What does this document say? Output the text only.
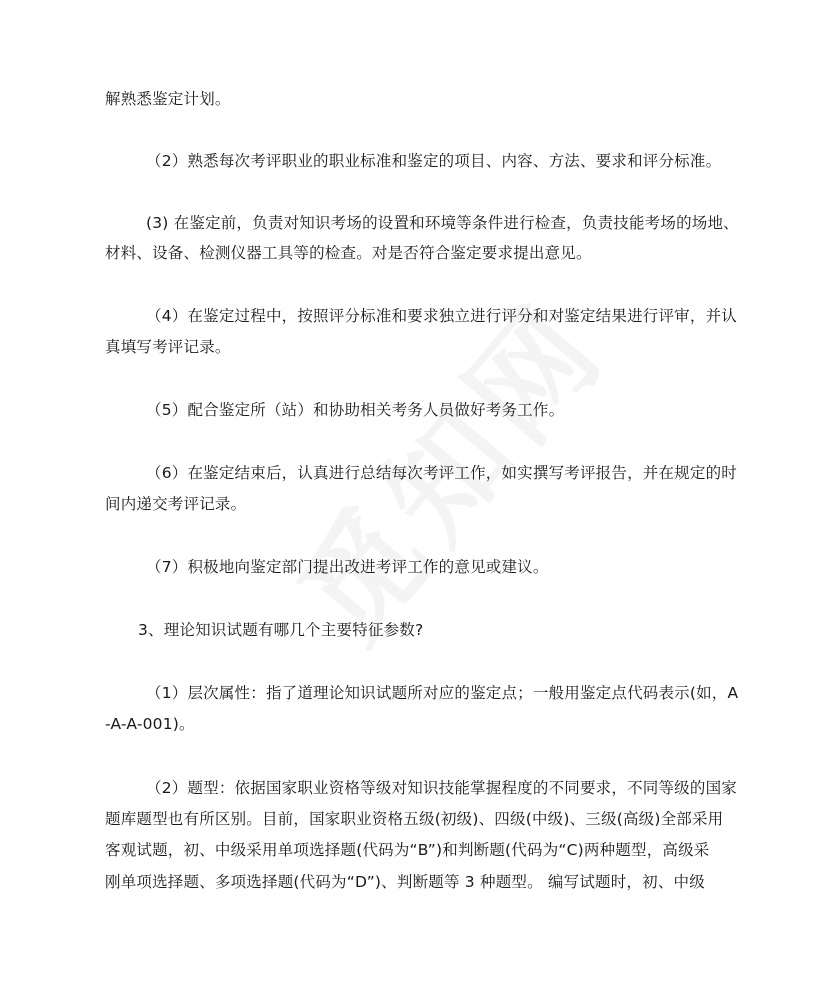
解熟悉鉴定计划。
（2）熟悉每次考评职业的职业标准和鉴定的项目、内容、方法、要求和评分标准。
(3) 在鉴定前，负责对知识考场的设置和环境等条件进行检查，负责技能考场的场地、
材料、设备、检测仪器工具等的检查。对是否符合鉴定要求提出意见。
（4）在鉴定过程中，按照评分标准和要求独立进行评分和对鉴定结果进行评审，并认
真填写考评记录。
（5）配合鉴定所（站）和协助相关考务人员做好考务工作。
（6）在鉴定结束后，认真进行总结每次考评工作，如实撰写考评报告，并在规定的时
间内递交考评记录。
（7）积极地向鉴定部门提出改进考评工作的意见或建议。
3、理论知识试题有哪几个主要特征参数?
（1）层次属性：指了道理论知识试题所对应的鉴定点；一般用鉴定点代码表示(如，A
-A-A-001)。
（2）题型：依据国家职业资格等级对知识技能掌握程度的不同要求，不同等级的国家
题库题型也有所区别。目前，国家职业资格五级(初级)、四级(中级)、三级(高级)全部采用
客观试题，初、中级采用单项选择题(代码为“B”)和判断题(代码为“C)两种题型，高级采
刚单项选择题、多项选择题(代码为“D”)、判断题等 3 种题型。 编写试题时，初、中级
